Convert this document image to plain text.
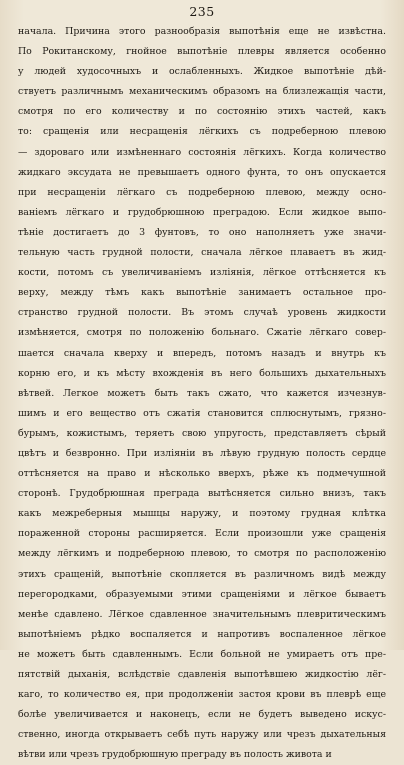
235
начала. Причина этого разнообразія выпотѣнія еще не извѣстна.
По Рокитанскому, гнойное выпотѣніе плевры является особенно
у людей худосочныхъ и ослабленныхъ. Жидкое выпотѣніе дѣй-
ствуетъ различнымъ механическимъ образомъ на близлежащія части,
смотря по его количеству и по состоянію этихъ частей, какъ
то: сращенія или несращенія лёгкихъ съ подреберною плевою
— здороваго или измѣненнаго состоянія лёгкихъ. Когда количество
жидкаго эксудата не превышаетъ одного фунта, то онъ опускается
при несращеніи лёгкаго съ подреберною плевою, между осно-
ваніемъ лёгкаго и грудобрюшною преградою. Если жидкое выпо-
тѣніе достигаетъ до 3 фунтовъ, то оно наполняетъ уже значи-
тельную часть грудной полости, сначала лёгкое плаваетъ въ жид-
кости, потомъ съ увеличиваніемъ изліянія, лёгкое оттѣсняется къ
верху, между тѣмъ какъ выпотѣніе занимаетъ остальное про-
странство грудной полости. Въ этомъ случаѣ уровень жидкости
измѣняется, смотря по положенію больнаго. Сжатіе лёгкаго совер-
шается сначала кверху и впередъ, потомъ назадъ и внутрь къ
корню его, и къ мѣсту вхожденія въ него большихъ дыхательныхъ
вѣтвей. Легкое можетъ быть такъ сжато, что кажется изчезнув-
шимъ и его вещество отъ сжатія становится сплюснутымъ, грязно-
бурымъ, кожистымъ, теряетъ свою упругость, представляетъ сѣрый
цвѣтъ и безвронно. При изліяніи въ лѣвую грудную полость сердце
оттѣсняется на право и нѣсколько вверхъ, рѣже къ подмечушной
сторонѣ. Грудобрюшная преграда вытѣсняется сильно внизъ, такъ
какъ межреберныя мышцы наружу, и поэтому грудная клѣтка
пораженной стороны расширяется. Если произошли уже сращенія
между лёгкимъ и подреберною плевою, то смотря по расположенію
этихъ сращеній, выпотѣніе скопляется въ различномъ видѣ между
перегородками, образуемыми этими сращеніями и лёгкое бываетъ
менѣе сдавлено. Лёгкое сдавленное значительнымъ плевритическимъ
выпотѣніемъ рѣдко воспаляется и напротивъ воспаленное лёгкое
не можетъ быть сдавленнымъ. Если больной не умираетъ отъ пре-
пятствій дыханія, вслѣдствіе сдавленія выпотѣвшею жидкостію лёг-
каго, то количество ея, при продолженіи застоя крови въ плеврѣ еще
болѣе увеличивается и наконецъ, если не будетъ выведено искус-
ственно, иногда открываетъ себѣ путь наружу или чрезъ дыхательныя
вѣтви или чрезъ грудобрюшную преграду въ полость живота и
